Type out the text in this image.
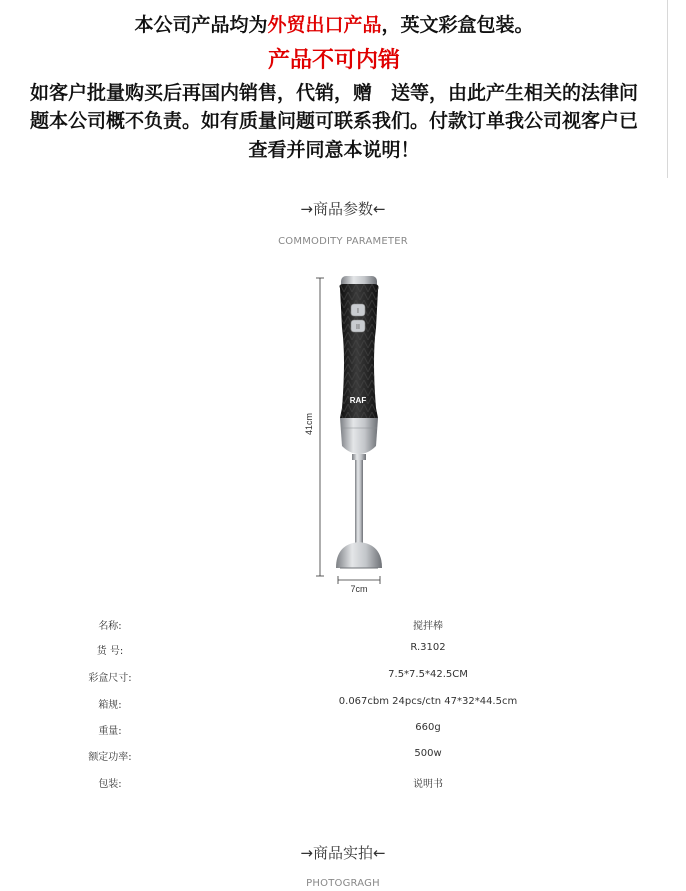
本公司产品均为外贸出口产品，英文彩盒包装。
产品不可内销
如客户批量购买后再国内销售，代销，赠　送等，由此产生相关的法律问
题本公司概不负责。如有质量问题可联系我们。付款订单我公司视客户已
查看并同意本说明！
→商品参数←
COMMODITY PARAMETER
41cm
7cm
I
II
RAF
名称:	搅拌棒
货 号:	R.3102
彩盒尺寸:	7.5*7.5*42.5CM
箱规:	0.067cbm 24pcs/ctn 47*32*44.5cm
重量:	660g
额定功率:	500w
包装:	说明书
→商品实拍←
PHOTOGRAGH
